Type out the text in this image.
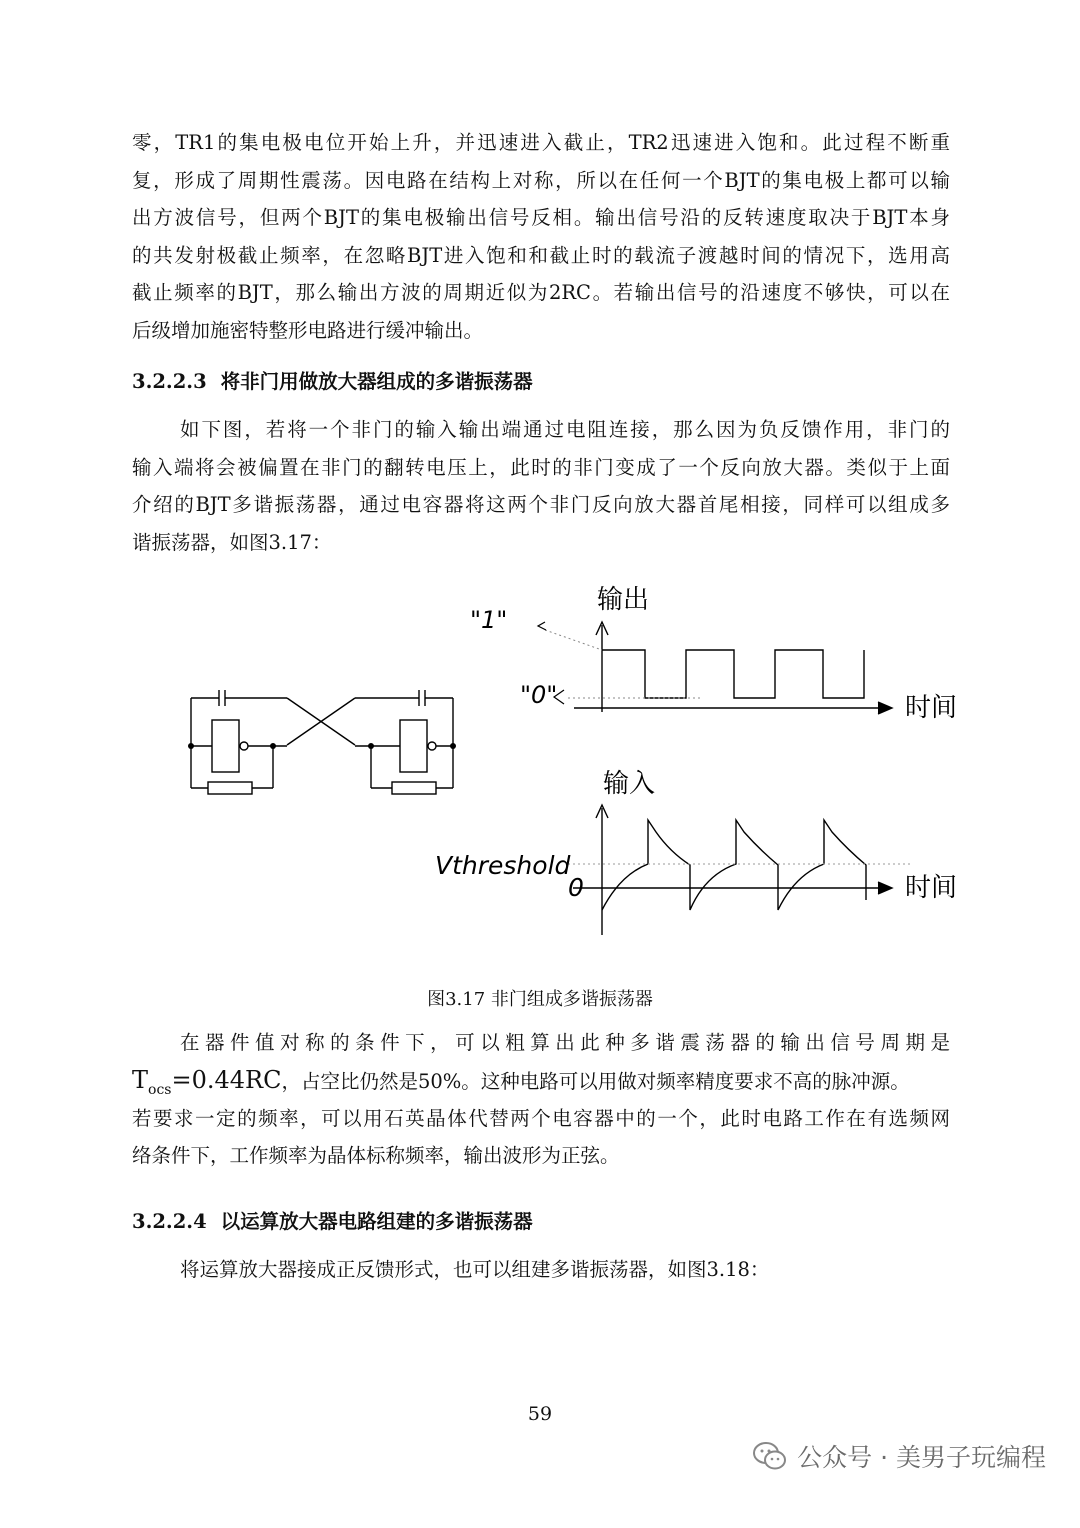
零，TR1的集电极电位开始上升，并迅速进入截止，TR2迅速进入饱和。此过程不断重
复，形成了周期性震荡。因电路在结构上对称，所以在任何一个BJT的集电极上都可以输
出方波信号，但两个BJT的集电极输出信号反相。输出信号沿的反转速度取决于BJT本身
的共发射极截止频率，在忽略BJT进入饱和和截止时的载流子渡越时间的情况下，选用高
截止频率的BJT，那么输出方波的周期近似为2RC。若输出信号的沿速度不够快，可以在
后级增加施密特整形电路进行缓冲输出。
3.2.2.3 将非门用做放大器组成的多谐振荡器
如下图，若将一个非门的输入输出端通过电阻连接，那么因为负反馈作用，非门的
输入端将会被偏置在非门的翻转电压上，此时的非门变成了一个反向放大器。类似于上面
介绍的BJT多谐振荡器，通过电容器将这两个非门反向放大器首尾相接，同样可以组成多
谐振荡器，如图3.17：
输出
时间
"1"
"0"
输入
时间
Vthreshold
0
图3.17 非门组成多谐振荡器
在器件值对称的条件下，可以粗算出此种多谐震荡器的输出信号周期是
$T_{ocs}=0.44RC$，占空比仍然是50%。这种电路可以用做对频率精度要求不高的脉冲源。
若要求一定的频率，可以用石英晶体代替两个电容器中的一个，此时电路工作在有选频网
络条件下，工作频率为晶体标称频率，输出波形为正弦。
3.2.2.4 以运算放大器电路组建的多谐振荡器
将运算放大器接成正反馈形式，也可以组建多谐振荡器，如图3.18：
59
公众号 · 美男子玩编程
